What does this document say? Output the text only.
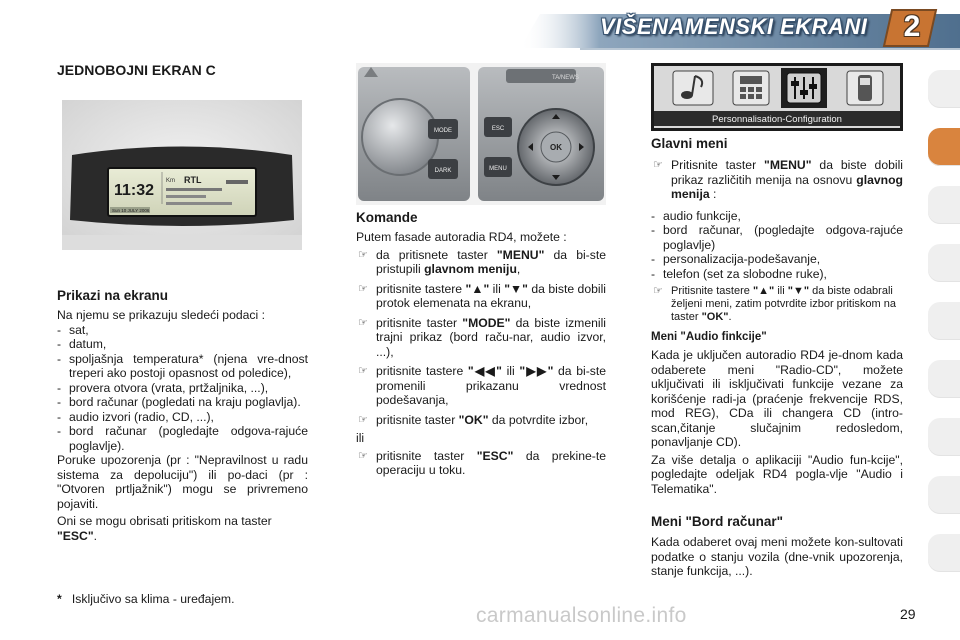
VIŠENAMENSKI EKRANI 2
JEDNOBOJNI EKRAN C
11:32
Km RTL
Sun 10 JULY 2006
Prikazi na ekranu

Na njemu se prikazuju sledeći podaci :

- sat,

- datum,

- spoljašnja temperatura* (njena vre-dnost treperi ako postoji opasnost od poledice),

- provera otvora (vrata, prtžaljnika, ...),

- bord računar (pogledati na kraju poglavlja).

- audio izvori (radio, CD, ...),

- bord računar (pogledajte odgova-rajuće poglavlje).

Poruke upozorenja (pr : "Nepravilnost u radu sistema za depoluciju") ili po-daci (pr : "Otvoren prtljažnik") mogu se privremeno pojaviti.

Oni se mogu obrisati pritiskom na taster "ESC".

* Isključivo sa klima - uređajem.
MODE
DARK
TA/NEWS
ESC
MENU
OK
Komande

Putem fasade autoradia RD4, možete :

☞ da pritisnete taster "MENU" da bi-ste pristupili glavnom meniju,

☞ pritisnite tastere "▲" ili "▼" da biste dobili protok elemenata na ekranu,

☞ pritisnite taster "MODE" da biste izmenili trajni prikaz (bord raču-nar, audio izvor, ...),

☞ pritisnite tastere "◀◀" ili "▶▶" da bi-ste promenili prikazanu vrednost podešavanja,

☞ pritisnite taster "OK" da potvrdite izbor,

ili

☞ pritisnite taster "ESC" da prekine-te operaciju u toku.

Personnalisation-Configuration
Glavni meni

☞ Pritisnite taster "MENU" da biste dobili prikaz različitih menija na osnovu glavnog menija :

- audio funkcije,

- bord računar, (pogledajte odgova-rajuće poglavlje)

- personalizacija-podešavanje,

- telefon (set za slobodne ruke),

☞ Pritisnite tastere "▲" ili "▼" da biste odabrali željeni meni, zatim potvrdite izbor pritiskom na taster "OK".

Meni "Audio finkcije"

Kada je uključen autoradio RD4 je-dnom kada odaberete meni "Radio-CD", možete uključivati ili isključivati funkcije vezane za korišćenje radi-ja (praćenje frekvencije RDS, mod REG), CDa ili changera CD (intro-scan,čitanje slučajnim redosledom, ponavljanje CD).

Za više detalja o aplikaciji "Audio fun-kcije", pogledajte odeljak RD4 pogla-vlje "Audio i Telematika".

Meni "Bord računar"

Kada odaberet ovaj meni možete kon-sultovati podatke o stanju vozila (dne-vnik upozorenja, stanje funkcija, ...).

carmanualsonline.info	29
